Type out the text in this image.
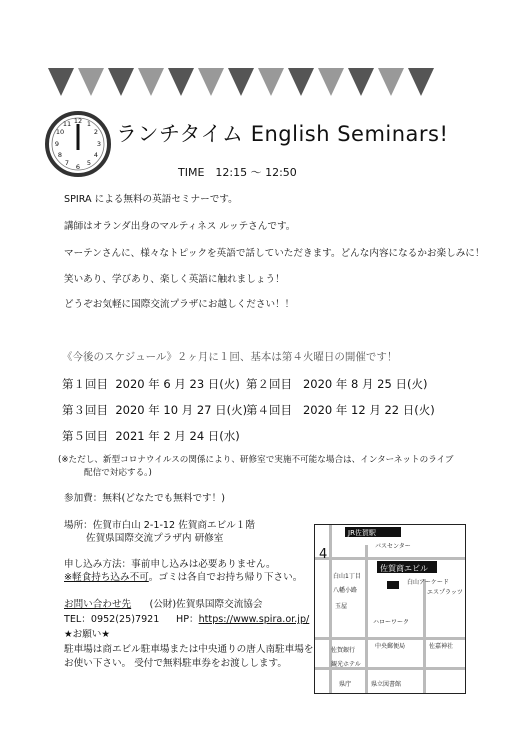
12 1
2
3
4
5
6
7
8
9
10
11 ランチタイム English Seminars!
TIME　12:15 ～ 12:50
SPIRA による無料の英語セミナーです。
講師はオランダ出身のマルティネス ルッテさんです。
マーテンさんに、様々なトピックを英語で話していただきます。どんな内容になるかお楽しみに！
笑いあり、学びあり、楽しく英語に触れましょう！
どうぞお気軽に国際交流プラザにお越しください！！
《今後のスケジュール》２ヶ月に１回、基本は第４火曜日の開催です！
第１回目 2020 年 6 月 23 日(火) 第２回目 2020 年 8 月 25 日(火)
第３回目 2020 年 10 月 27 日(火)
第４回目 2020 年 12 月 22 日(火)
第５回目 2021 年 2 月 24 日(水)
(※ただし、新型コロナウイルスの関係により、研修室で実施不可能な場合は、インターネットのライブ
配信で対応する。)
参加費：無料(どなたでも無料です！)
場所：佐賀市白山 2-1-12 佐賀商エビル１階
佐賀県国際交流プラザ内 研修室
申し込み方法：事前申し込みは必要ありません。
※軽食持ち込み不可。ゴミは各自でお持ち帰り下さい。
お問い合わせ先 (公財)佐賀県国際交流協会
TEL：0952(25)7921 HP：https://www.spira.or.jp/
★お願い★
駐車場は商エビル駐車場または中央通りの唐人南駐車場を
お使い下さい。 受付で無料駐車券をお渡しします。
JR佐賀駅
バスセンター
4
白山1丁目
佐賀商エビル
白山アーケード
エスプラッツ
八幡小路
玉屋
ハローワーク
中央郵便局	佐嘉神社
佐賀銀行
観光ホテル
県庁	県立図書館
